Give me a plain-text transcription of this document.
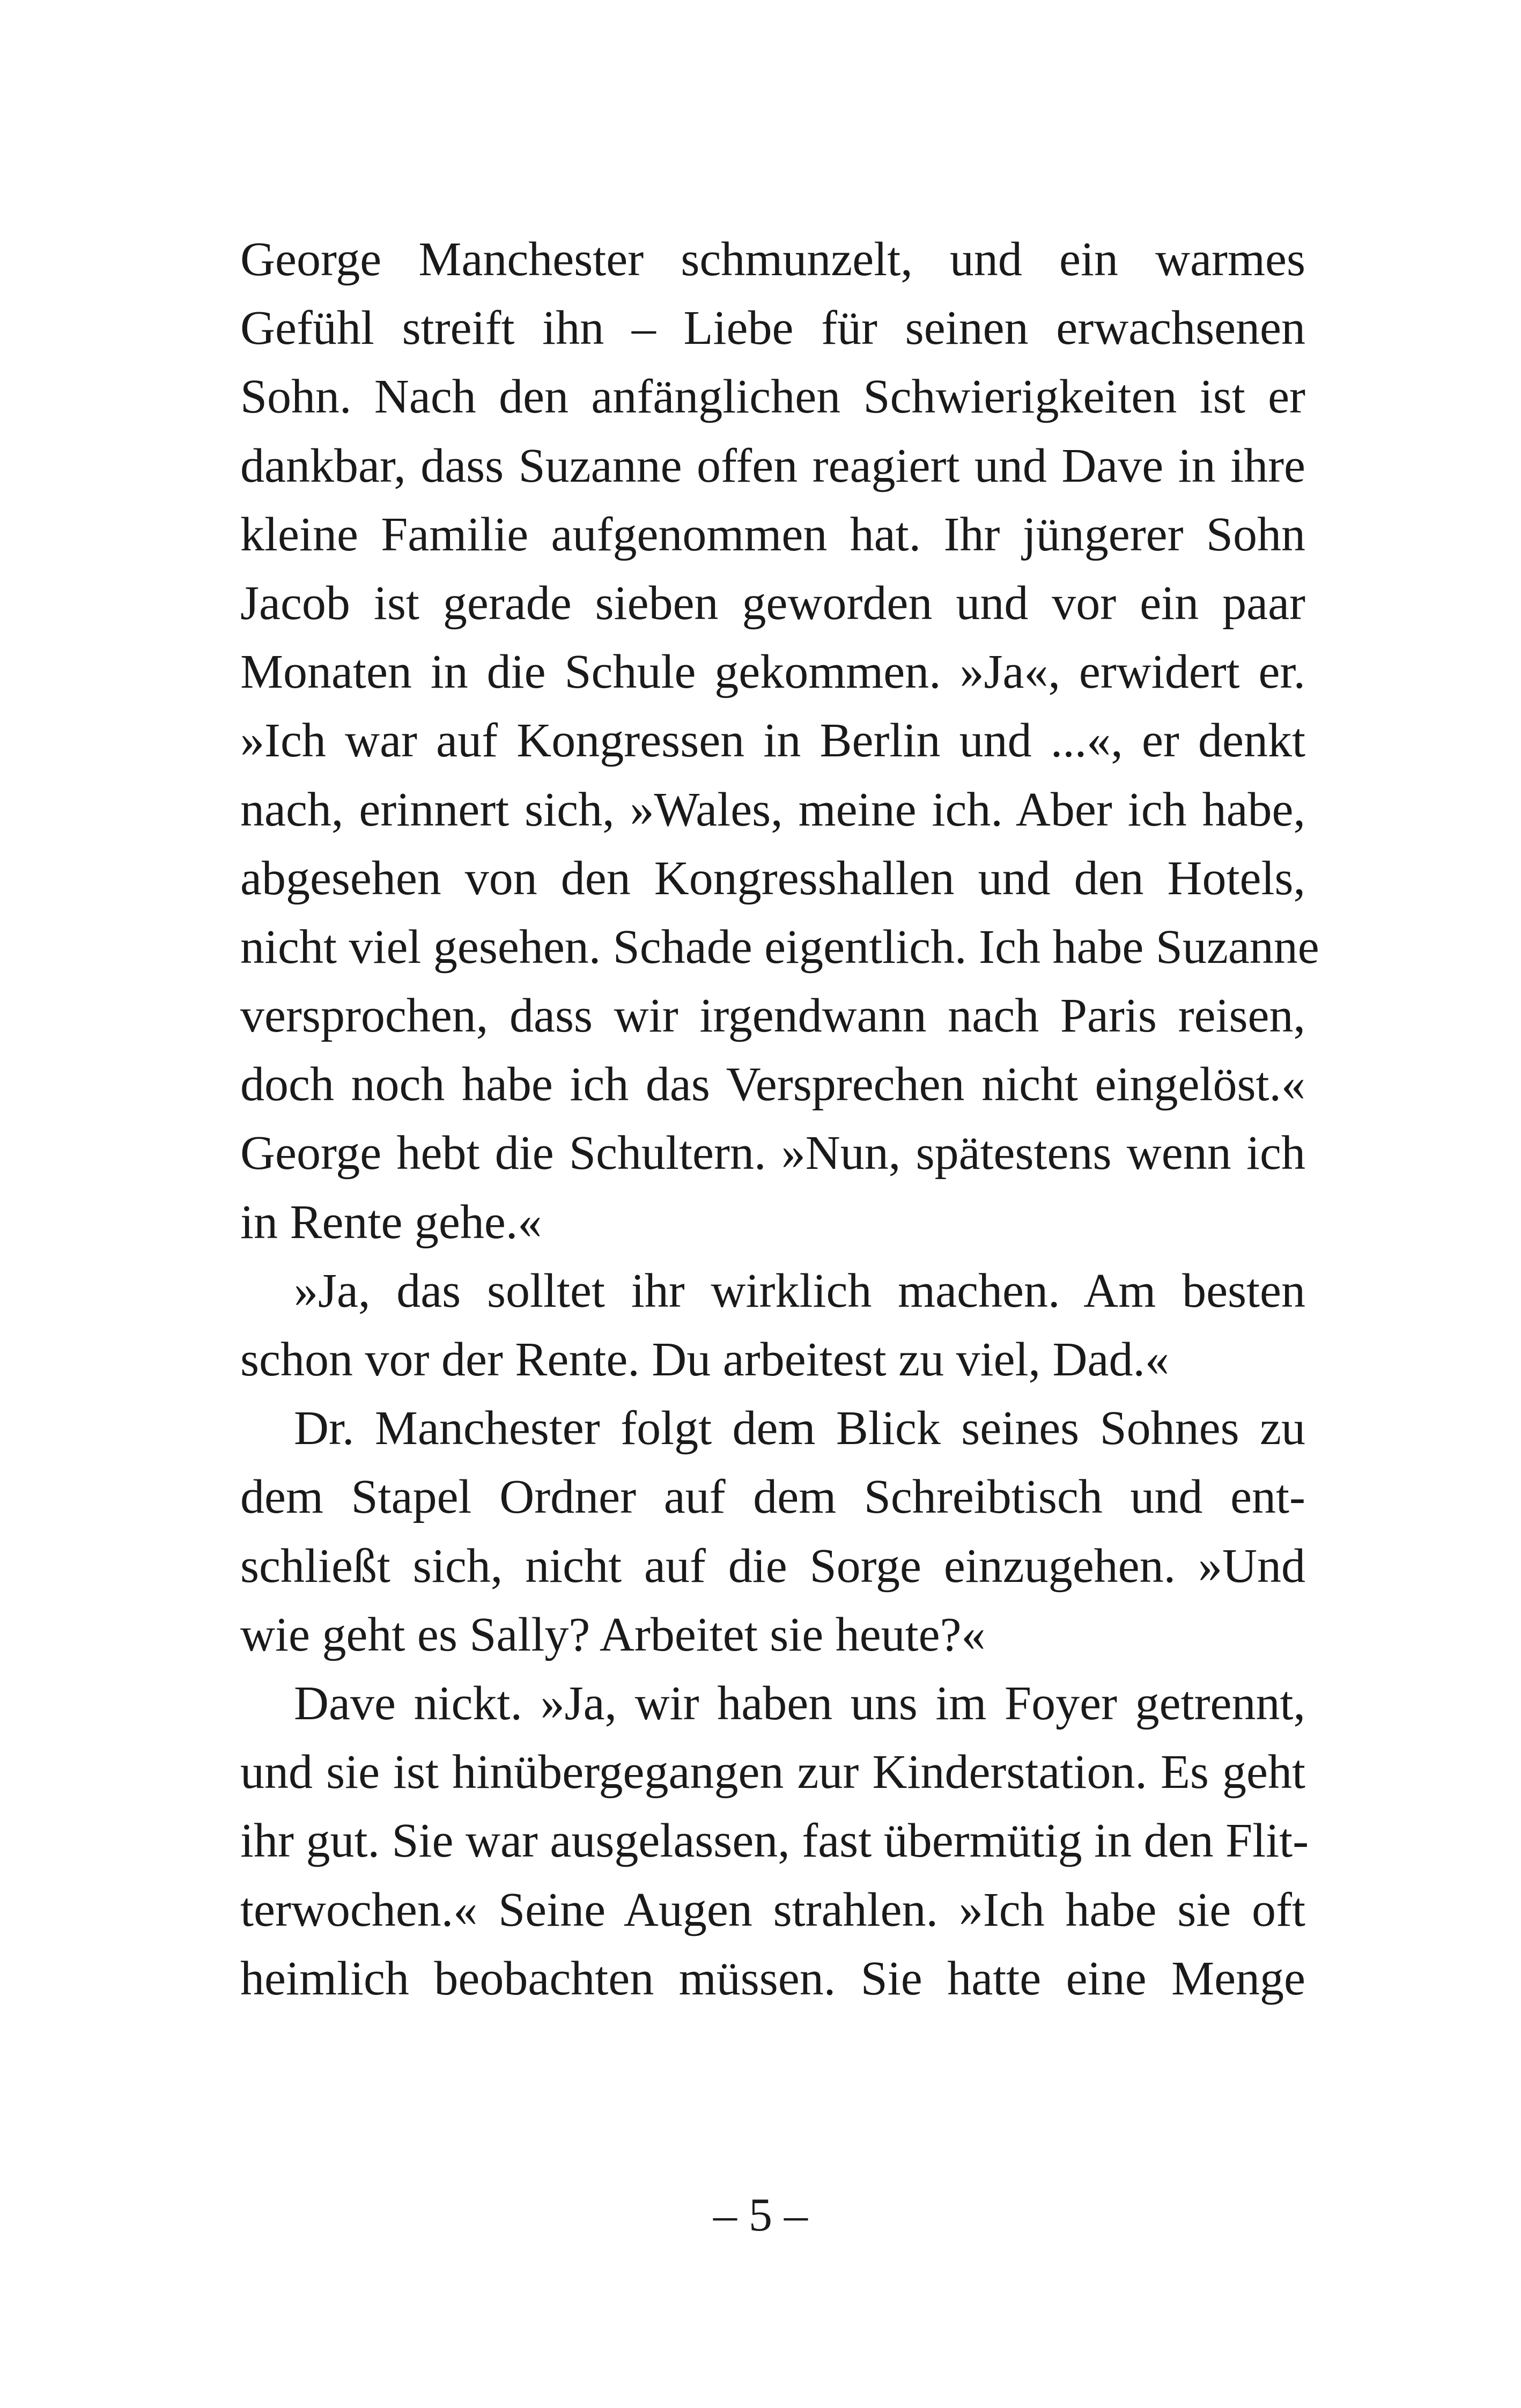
George Manchester schmunzelt, und ein warmes
Gefühl streift ihn – Liebe für seinen erwachsenen
Sohn. Nach den anfänglichen Schwierigkeiten ist er
dankbar, dass Suzanne offen reagiert und Dave in ihre
kleine Familie aufgenommen hat. Ihr jüngerer Sohn
Jacob ist gerade sieben geworden und vor ein paar
Monaten in die Schule gekommen. »Ja«, erwidert er.
»Ich war auf Kongressen in Berlin und ...«, er denkt
nach, erinnert sich, »Wales, meine ich. Aber ich habe,
abgesehen von den Kongresshallen und den Hotels,
nicht viel gesehen. Schade eigentlich. Ich habe Suzanne
versprochen, dass wir irgendwann nach Paris reisen,
doch noch habe ich das Versprechen nicht eingelöst.«
George hebt die Schultern. »Nun, spätestens wenn ich
in Rente gehe.«
»Ja, das solltet ihr wirklich machen. Am besten
schon vor der Rente. Du arbeitest zu viel, Dad.«
Dr. Manchester folgt dem Blick seines Sohnes zu
dem Stapel Ordner auf dem Schreibtisch und ent-
schließt sich, nicht auf die Sorge einzugehen. »Und
wie geht es Sally? Arbeitet sie heute?«
Dave nickt. »Ja, wir haben uns im Foyer getrennt,
und sie ist hinübergegangen zur Kinderstation. Es geht
ihr gut. Sie war ausgelassen, fast übermütig in den Flit-
terwochen.« Seine Augen strahlen. »Ich habe sie oft
heimlich beobachten müssen. Sie hatte eine Menge
– 5 –
